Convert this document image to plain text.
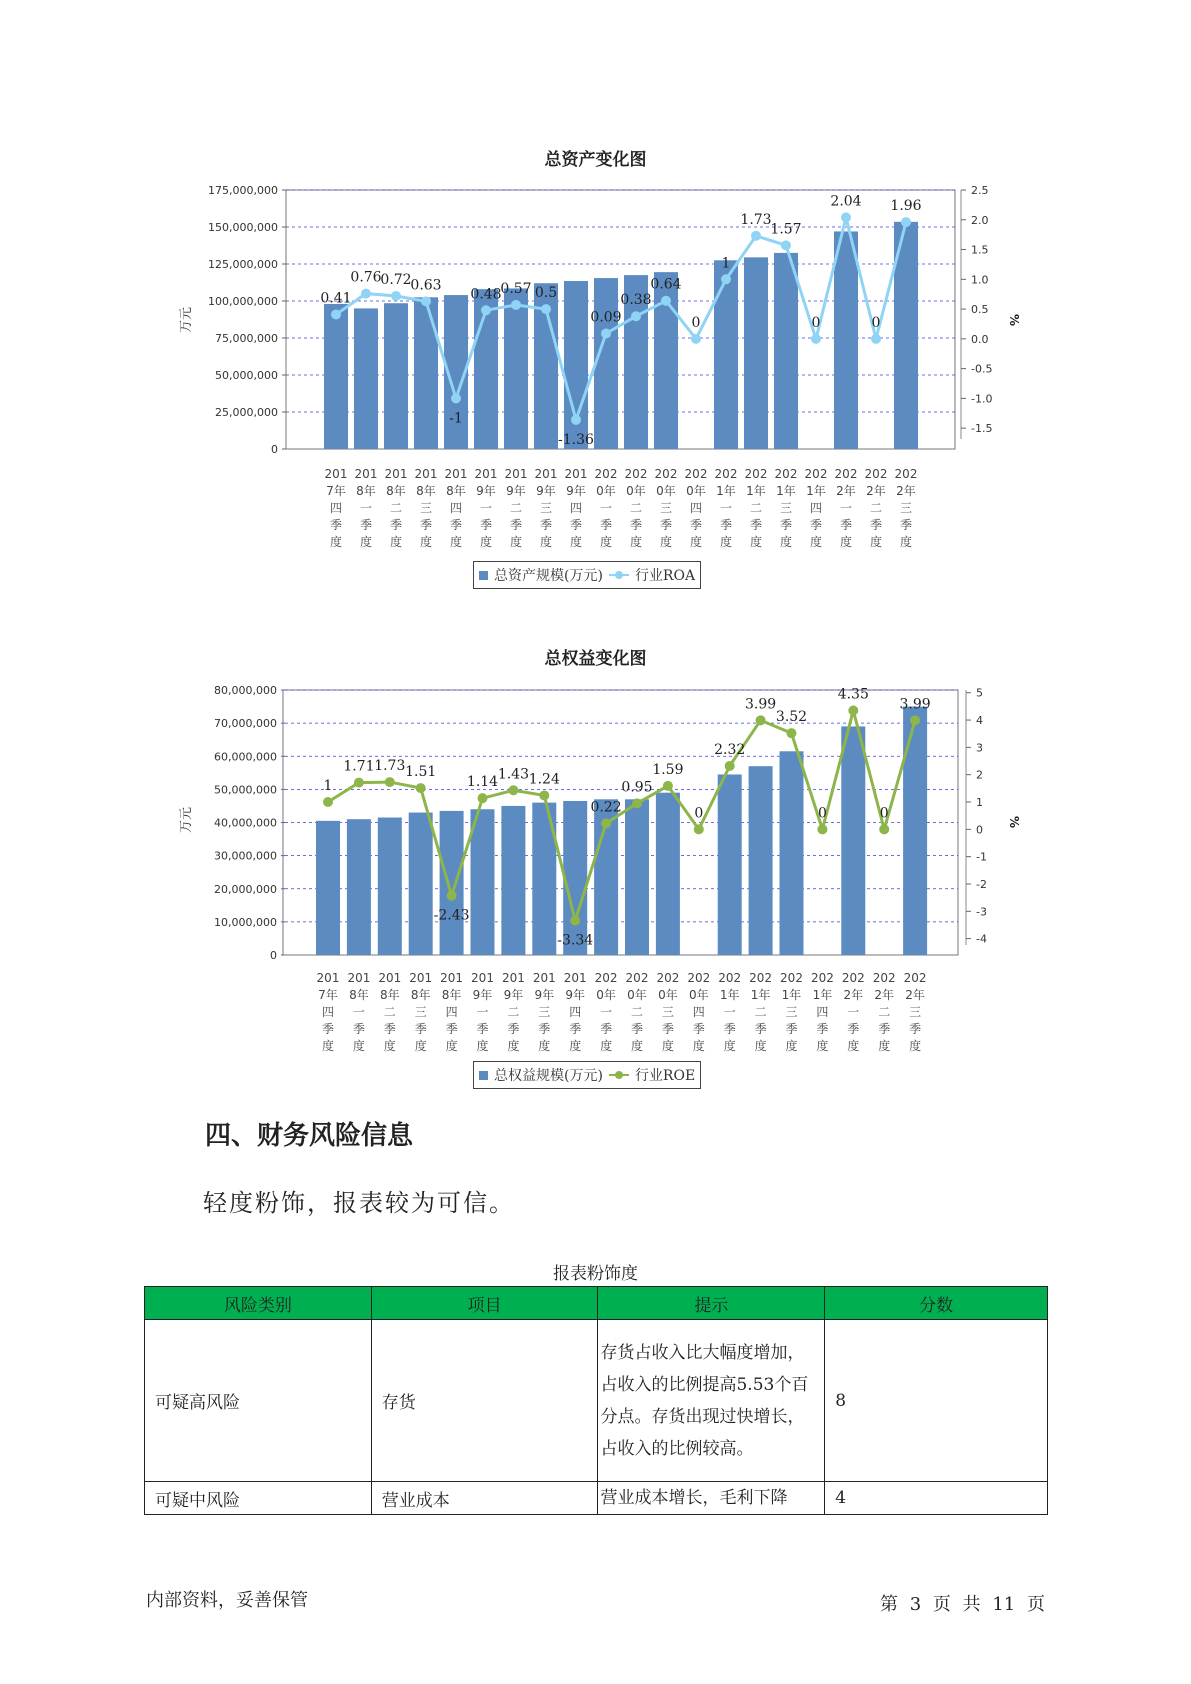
总资产变化图
0
25,000,000
50,000,000
75,000,000
100,000,000
125,000,000
150,000,000
175,000,000	2.5
2.0
1.5
1.0
0.5
0.0
-0.5
-1.0
-1.5
万元	%
0.41
0.76
0.72
0.63
-1
0.48
0.57 0.5
-1.36
0.09
0.38
0.64
0
1
1.73
1.57
0
2.04
0
1.96
201
7年
四
季
度
201
8年
一
季
度
201
8年
二
季
度
201
8年
三
季
度
201
8年
四
季
度
201
9年
一
季
度
201
9年
二
季
度
201
9年
三
季
度
201
9年
四
季
度
202
0年
一
季
度
202
0年
二
季
度
202
0年
三
季
度
202
0年
四
季
度
202
1年
一
季
度
202
1年
二
季
度
202
1年
三
季
度
202
1年
四
季
度
202
2年
一
季
度
202
2年
二
季
度
202
2年
三
季
度
总资产规模(万元) 行业ROA
总权益变化图
0
10,000,000
20,000,000
30,000,000
40,000,000
50,000,000
60,000,000
70,000,000
80,000,000	5
4
3
2
1
0
-1
-2
-3
-4
万元	%
1
1.71 1.73 1.51
-2.43
1.14 1.43 1.24
-3.34
0.22
0.95
1.59
0
2.32
3.99
3.52
0
4.35
0
3.99
201
7年
四
季
度
201
8年
一
季
度
201
8年
二
季
度
201
8年
三
季
度
201
8年
四
季
度
201
9年
一
季
度
201
9年
二
季
度
201
9年
三
季
度
201
9年
四
季
度
202
0年
一
季
度
202
0年
二
季
度
202
0年
三
季
度
202
0年
四
季
度
202
1年
一
季
度
202
1年
二
季
度
202
1年
三
季
度
202
1年
四
季
度
202
2年
一
季
度
202
2年
二
季
度
202
2年
三
季
度
总权益规模(万元) 行业ROE
四、财务风险信息
轻度粉饰，报表较为可信。
报表粉饰度
风险类别	项目	提示	分数
可疑高风险	存货	存货占收入比大幅度增加，占收入的比例提高5.53个百分点。存货出现过快增长，占收入的比例较高。	8
可疑中风险	营业成本	营业成本增长，毛利下降	4
内部资料，妥善保管	第 3 页 共 11 页
